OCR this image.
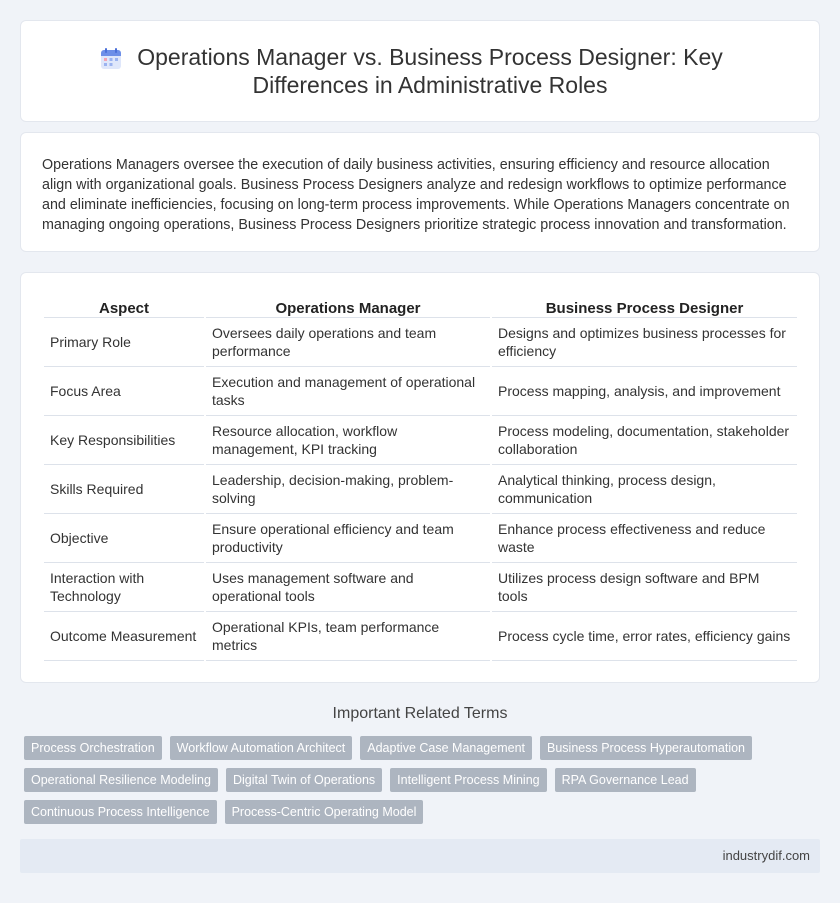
Operations Manager vs. Business Process Designer: Key Differences in Administrative Roles

Operations Managers oversee the execution of daily business activities, ensuring efficiency and resource allocation align with organizational goals. Business Process Designers analyze and redesign workflows to optimize performance and eliminate inefficiencies, focusing on long-term process improvements. While Operations Managers concentrate on managing ongoing operations, Business Process Designers prioritize strategic process innovation and transformation.

Aspect	Operations Manager	Business Process Designer
Primary Role	Oversees daily operations and team performance	Designs and optimizes business processes for efficiency
Focus Area	Execution and management of operational tasks	Process mapping, analysis, and improvement
Key Responsibilities	Resource allocation, workflow management, KPI tracking	Process modeling, documentation, stakeholder collaboration
Skills Required	Leadership, decision-making, problem-solving	Analytical thinking, process design, communication
Objective	Ensure operational efficiency and team productivity	Enhance process effectiveness and reduce waste
Interaction with Technology	Uses management software and operational tools	Utilizes process design software and BPM tools
Outcome Measurement	Operational KPIs, team performance metrics	Process cycle time, error rates, efficiency gains
Important Related Terms
Process Orchestration	Workflow Automation Architect	Adaptive Case Management	Business Process Hyperautomation
Operational Resilience Modeling	Digital Twin of Operations	Intelligent Process Mining	RPA Governance Lead
Continuous Process Intelligence	Process-Centric Operating Model
industrydif.com
